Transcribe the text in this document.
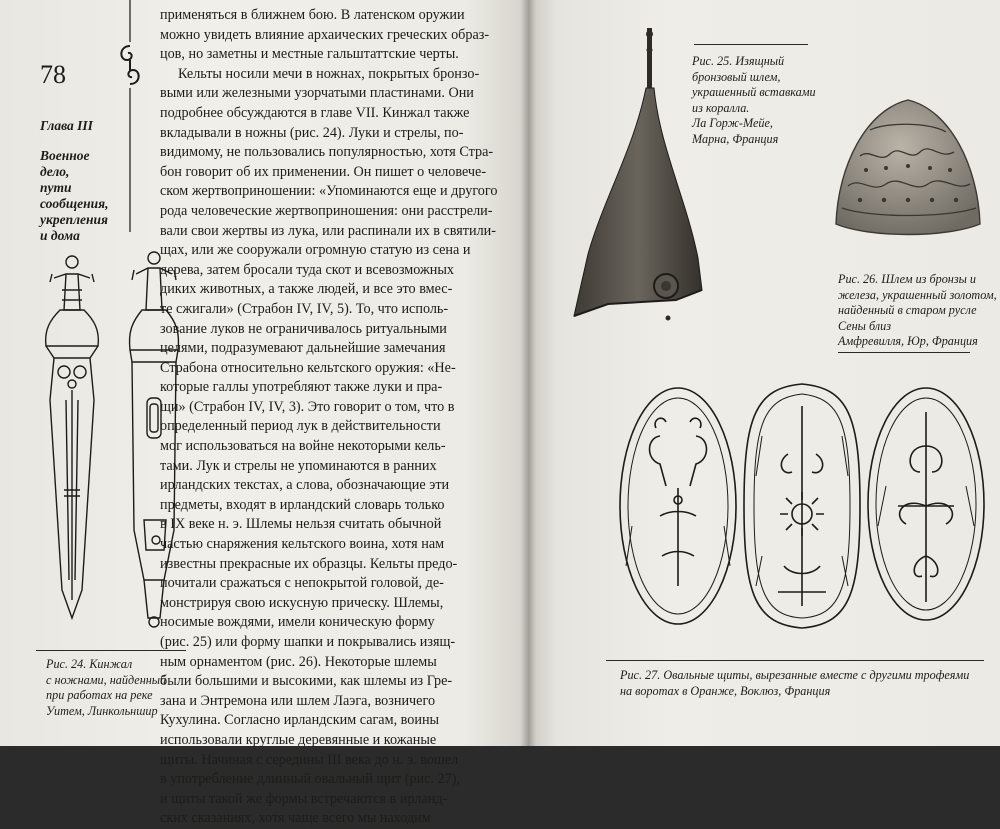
78
Глава III
Военное
дело,
пути
сообщения,
укрепления
и дома
применяться в ближнем бою. В латенском оружии
можно увидеть влияние архаических греческих образ-
цов, но заметны и местные гальштаттские черты.
Кельты носили мечи в ножнах, покрытых бронзо-
выми или железными узорчатыми пластинами. Они
подробнее обсуждаются в главе VII. Кинжал также
вкладывали в ножны (рис. 24). Луки и стрелы, по-
видимому, не пользовались популярностью, хотя Стра-
бон говорит об их применении. Он пишет о человече-
ском жертвоприношении: «Упоминаются еще и другого
рода человеческие жертвоприношения: они расстрели-
вали свои жертвы из лука, или распинали их в святили-
щах, или же сооружали огромную статую из сена и
дерева, затем бросали туда скот и всевозможных
диких животных, а также людей, и все это вмес-
те сжигали» (Страбон IV, IV, 5). То, что исполь-
зование луков не ограничивалось ритуальными
целями, подразумевают дальнейшие замечания
Страбона относительно кельтского оружия: «Не-
которые галлы употребляют также луки и пра-
щи» (Страбон IV, IV, 3). Это говорит о том, что в
определенный период лук в действительности
мог использоваться на войне некоторыми кель-
тами. Лук и стрелы не упоминаются в ранних
ирландских текстах, а слова, обозначающие эти
предметы, входят в ирландский словарь только
в IX веке н. э. Шлемы нельзя считать обычной
частью снаряжения кельтского воина, хотя нам
известны прекрасные их образцы. Кельты предо-
почитали сражаться с непокрытой головой, де-
монстрируя свою искусную прическу. Шлемы,
носимые вождями, имели коническую форму
(рис. 25) или форму шапки и покрывались изящ-
ным орнаментом (рис. 26). Некоторые шлемы
были большими и высокими, как шлемы из Гре-
зана и Энтремона или шлем Лаэга, возничего
Кухулина. Согласно ирландским сагам, воины
использовали круглые деревянные и кожаные
щиты. Начиная с середины III века до н. э. вошел
в употребление длинный овальный щит (рис. 27),
и щиты такой же формы встречаются в ирланд-
ских сказаниях, хотя чаще всего мы находим
Рис. 24. Кинжал
с ножнами, найденный
при работах на реке
Уитем, Линкольншир
Рис. 25. Изящный
бронзовый шлем,
украшенный вставками
из коралла.
Ла Горж-Мейе,
Марна, Франция
Рис. 26. Шлем из бронзы и
железа, украшенный золотом,
найденный в старом русле
Сены близ
Амфревилля, Юр, Франция
Рис. 27. Овальные щиты, вырезанные вместе с другими трофеями
на воротах в Оранже, Воклюз, Франция
